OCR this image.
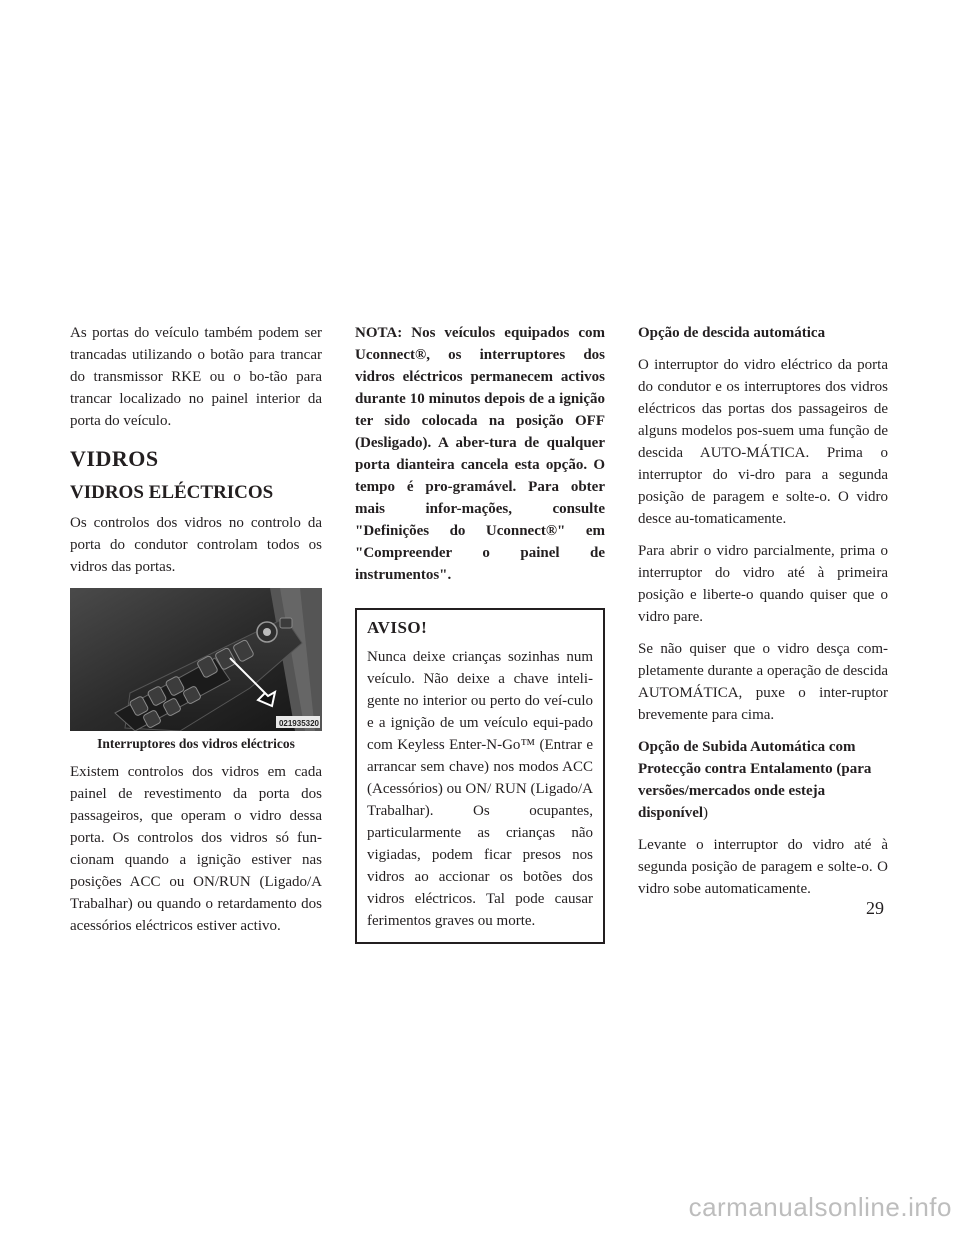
As portas do veículo também podem ser trancadas utilizando o botão para trancar do transmissor RKE ou o bo-tão para trancar localizado no painel interior da porta do veículo.

VIDROS
VIDROS ELÉCTRICOS

Os controlos dos vidros no controlo da porta do condutor controlam todos os vidros das portas.

021935320
Interruptores dos vidros eléctricos

Existem controlos dos vidros em cada painel de revestimento da porta dos passageiros, que operam o vidro dessa porta. Os controlos dos vidros só fun-cionam quando a ignição estiver nas posições ACC ou ON/RUN (Ligado/A Trabalhar) ou quando o retardamento dos acessórios eléctricos estiver activo.

NOTA: Nos veículos equipados com Uconnect®, os interruptores dos vidros eléctricos permanecem activos durante 10 minutos depois de a ignição ter sido colocada na posição OFF (Desligado). A aber-tura de qualquer porta dianteira cancela esta opção. O tempo é pro-gramável. Para obter mais infor-mações, consulte "Definições do Uconnect®" em "Compreender o painel de instrumentos".
AVISO!

Nunca deixe crianças sozinhas num veículo. Não deixe a chave inteli-gente no interior ou perto do veí-culo e a ignição de um veículo equi-pado com Keyless Enter-N-Go™ (Entrar e arrancar sem chave) nos modos ACC (Acessórios) ou ON/ RUN (Ligado/A Trabalhar). Os ocupantes, particularmente as crianças não vigiadas, podem ficar presos nos vidros ao accionar os botões dos vidros eléctricos. Tal pode causar ferimentos graves ou morte.

Opção de descida automática

O interruptor do vidro eléctrico da porta do condutor e os interruptores dos vidros eléctricos das portas dos passageiros de alguns modelos pos-suem uma função de descida AUTO-MÁTICA. Prima o interruptor do vi-dro para a segunda posição de paragem e solte-o. O vidro desce au-tomaticamente.

Para abrir o vidro parcialmente, prima o interruptor do vidro até à primeira posição e liberte-o quando quiser que o vidro pare.

Se não quiser que o vidro desça com-pletamente durante a operação de descida AUTOMÁTICA, puxe o inter-ruptor brevemente para cima.

Opção de Subida Automática com Protecção contra Entalamento (para versões/mercados onde esteja disponível)

Levante o interruptor do vidro até à segunda posição de paragem e solte-o. O vidro sobe automaticamente.

29
carmanualsonline.info
